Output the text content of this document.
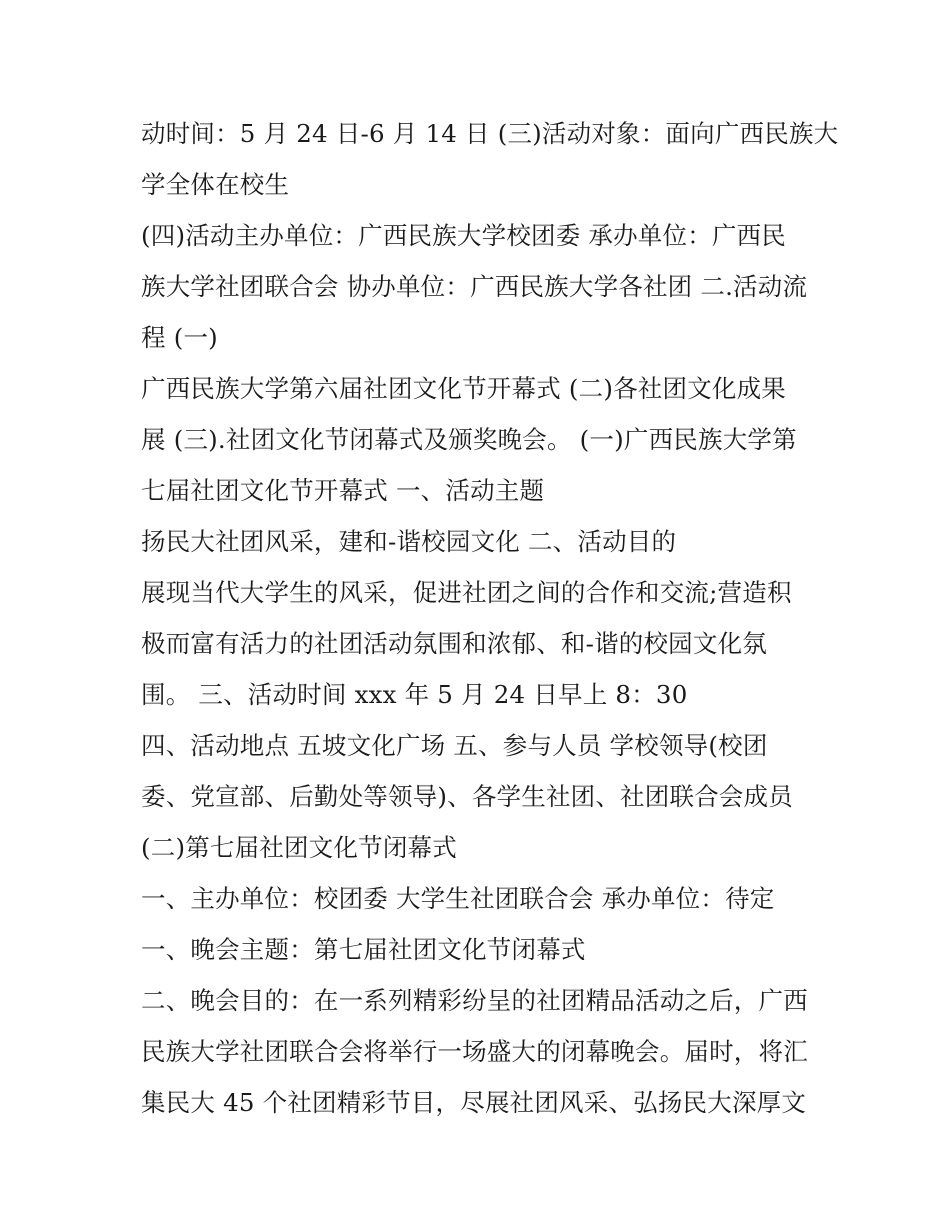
动时间：5 月 24 日-6 月 14 日 (三)活动对象：面向广西民族大
学全体在校生
(四)活动主办单位：广西民族大学校团委 承办单位：广西民
族大学社团联合会 协办单位：广西民族大学各社团 二.活动流
程 (一)
广西民族大学第六届社团文化节开幕式 (二)各社团文化成果
展 (三).社团文化节闭幕式及颁奖晚会。 (一)广西民族大学第
七届社团文化节开幕式 一、活动主题
扬民大社团风采，建和-谐校园文化 二、活动目的
展现当代大学生的风采，促进社团之间的合作和交流;营造积
极而富有活力的社团活动氛围和浓郁、和-谐的校园文化氛
围。 三、活动时间 xxx 年 5 月 24 日早上 8：30
四、活动地点 五坡文化广场 五、参与人员 学校领导(校团
委、党宣部、后勤处等领导)、各学生社团、社团联合会成员
(二)第七届社团文化节闭幕式
一、主办单位：校团委 大学生社团联合会 承办单位：待定
一、晚会主题：第七届社团文化节闭幕式
二、晚会目的：在一系列精彩纷呈的社团精品活动之后，广西
民族大学社团联合会将举行一场盛大的闭幕晚会。届时，将汇
集民大 45 个社团精彩节目，尽展社团风采、弘扬民大深厚文
